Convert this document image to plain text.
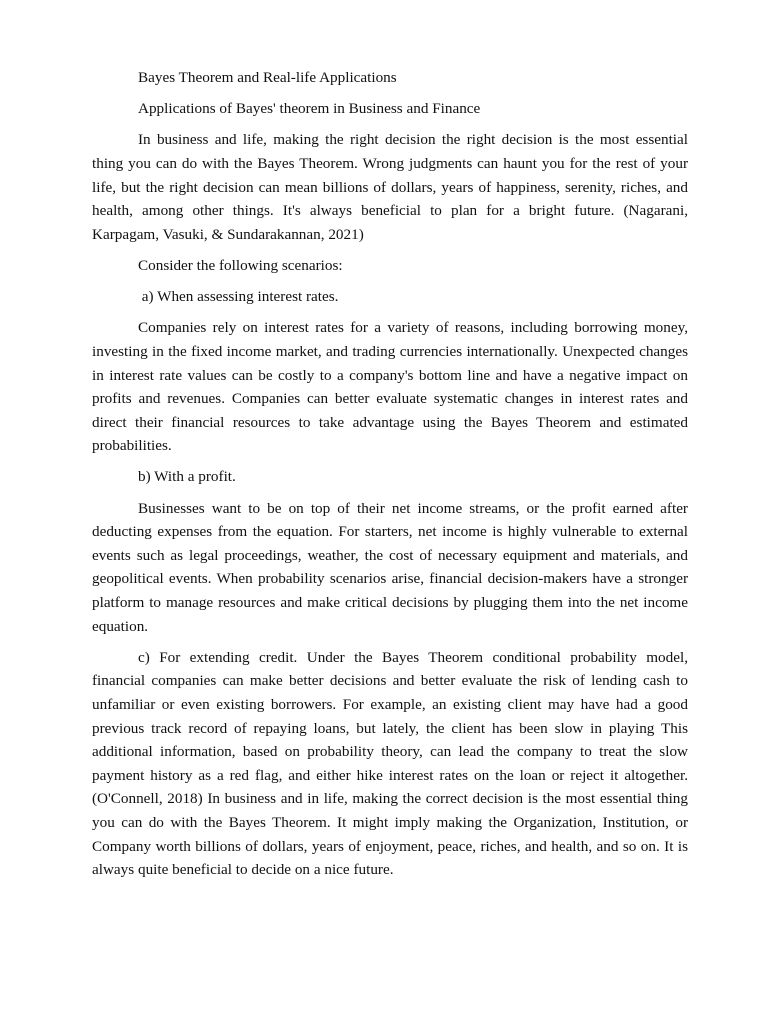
Bayes Theorem and Real-life Applications

Applications of Bayes' theorem in Business and Finance

In business and life, making the right decision the right decision is the most essential thing you can do with the Bayes Theorem. Wrong judgments can haunt you for the rest of your life, but the right decision can mean billions of dollars, years of happiness, serenity, riches, and health, among other things. It's always beneficial to plan for a bright future. (Nagarani, Karpagam, Vasuki, & Sundarakannan, 2021)

Consider the following scenarios:

a) When assessing interest rates.

Companies rely on interest rates for a variety of reasons, including borrowing money, investing in the fixed income market, and trading currencies internationally. Unexpected changes in interest rate values can be costly to a company's bottom line and have a negative impact on profits and revenues. Companies can better evaluate systematic changes in interest rates and direct their financial resources to take advantage using the Bayes Theorem and estimated probabilities.

b) With a profit.

Businesses want to be on top of their net income streams, or the profit earned after deducting expenses from the equation. For starters, net income is highly vulnerable to external events such as legal proceedings, weather, the cost of necessary equipment and materials, and geopolitical events. When probability scenarios arise, financial decision-makers have a stronger platform to manage resources and make critical decisions by plugging them into the net income equation.

c) For extending credit. Under the Bayes Theorem conditional probability model, financial companies can make better decisions and better evaluate the risk of lending cash to unfamiliar or even existing borrowers. For example, an existing client may have had a good previous track record of repaying loans, but lately, the client has been slow in playing This additional information, based on probability theory, can lead the company to treat the slow payment history as a red flag, and either hike interest rates on the loan or reject it altogether. (O'Connell, 2018) In business and in life, making the correct decision is the most essential thing you can do with the Bayes Theorem. It might imply making the Organization, Institution, or Company worth billions of dollars, years of enjoyment, peace, riches, and health, and so on. It is always quite beneficial to decide on a nice future.
